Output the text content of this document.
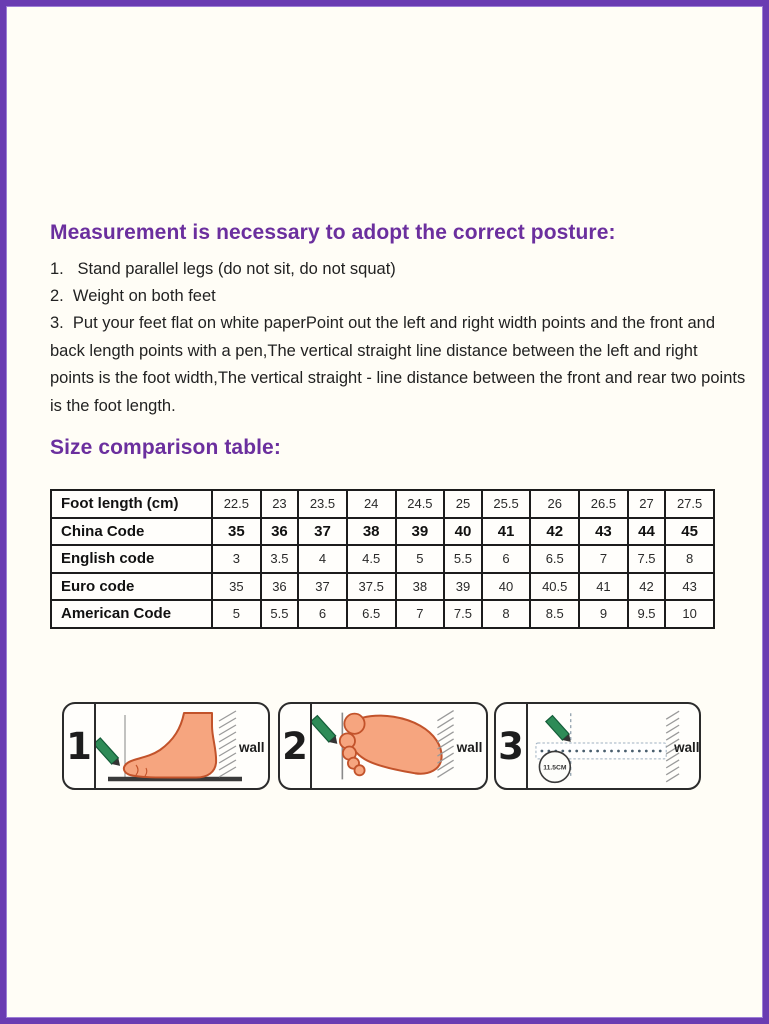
Measurement is necessary to adopt the correct posture:
1.   Stand parallel legs (do not sit, do not squat)
2.  Weight on both feet
3.  Put your feet flat on white paperPoint out the left and right width points and the front and back length points with a pen,The vertical straight line distance between the left and right points is the foot width,The vertical straight - line distance between the front and rear two points is the foot length.
Size comparison table:
Foot length (cm)	22.5	23	23.5	24	24.5	25	25.5	26	26.5	27	27.5
China Code	35	36	37	38	39	40	41	42	43	44	45
English code	3	3.5	4	4.5	5	5.5	6	6.5	7	7.5	8
Euro code	35	36	37	37.5	38	39	40	40.5	41	42	43
American Code	5	5.5	6	6.5	7	7.5	8	8.5	9	9.5	10
1	wall 2	wall 3
11.5CM
wall
